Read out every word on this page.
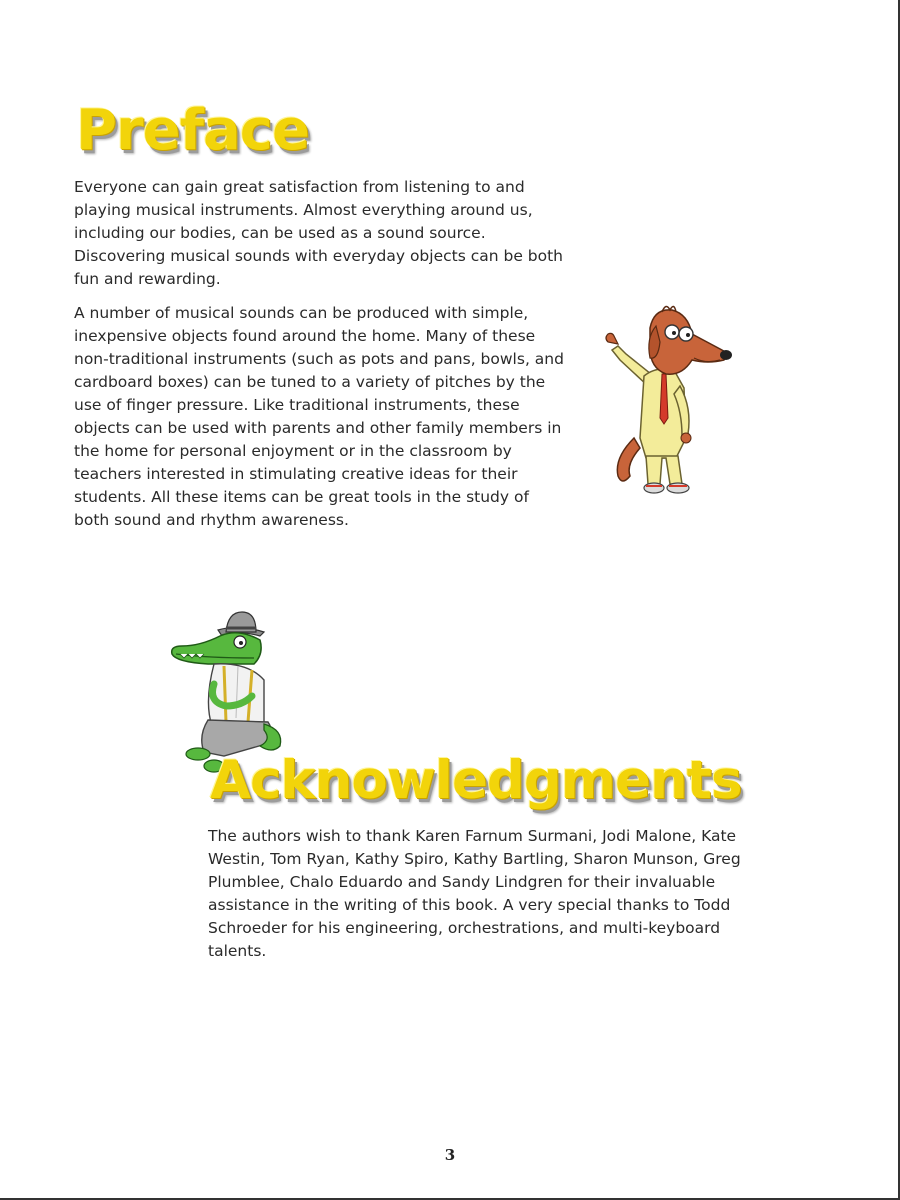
Preface

Everyone can gain great satisfaction from listening to and playing musical instruments. Almost everything around us, including our bodies, can be used as a sound source. Discovering musical sounds with everyday objects can be both fun and rewarding.

A number of musical sounds can be produced with simple, inexpensive objects found around the home. Many of these non-traditional instruments (such as pots and pans, bowls, and cardboard boxes) can be tuned to a variety of pitches by the use of finger pressure. Like traditional instruments, these objects can be used with parents and other family members in the home for personal enjoyment or in the classroom by teachers interested in stimulating creative ideas for their students. All these items can be great tools in the study of both sound and rhythm awareness.

Acknowledgments

The authors wish to thank Karen Farnum Surmani, Jodi Malone, Kate Westin, Tom Ryan, Kathy Spiro, Kathy Bartling, Sharon Munson, Greg Plumblee, Chalo Eduardo and Sandy Lindgren for their invaluable assistance in the writing of this book. A very special thanks to Todd Schroeder for his engineering, orchestrations, and multi-keyboard talents.

3
